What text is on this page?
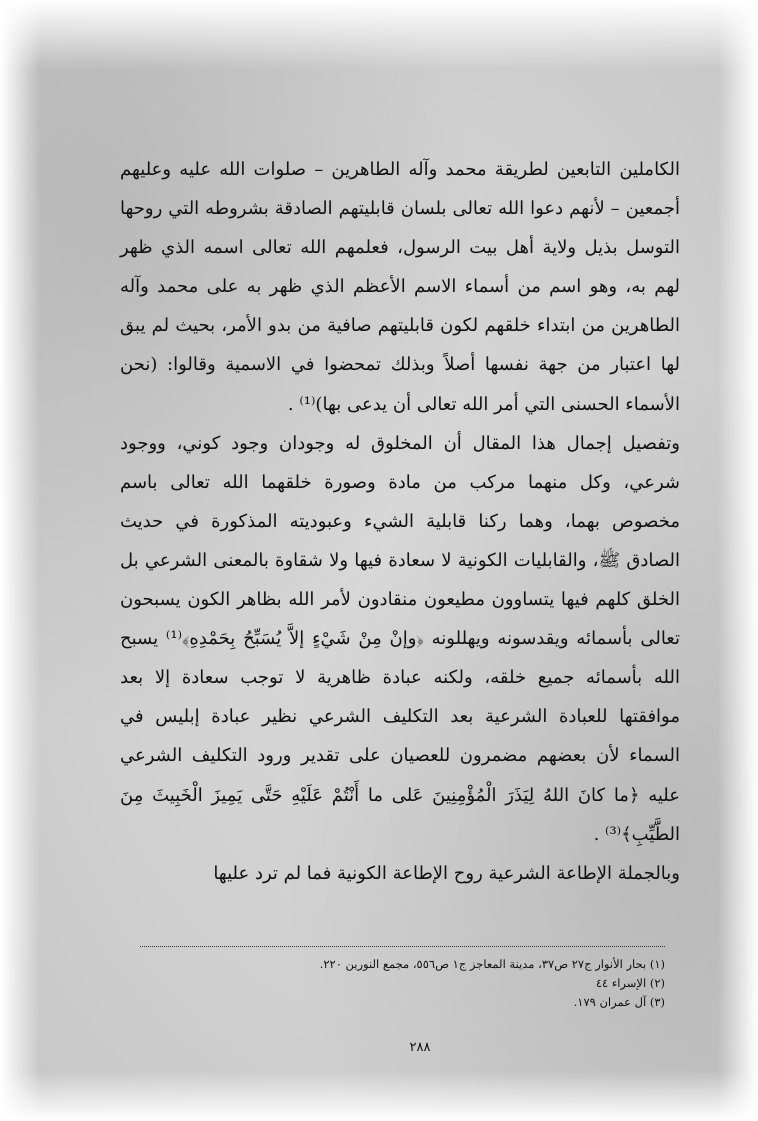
الكاملين التابعين لطريقة محمد وآله الطاهرين – صلوات الله عليه وعليهم أجمعين – لأنهم دعوا الله تعالى بلسان قابليتهم الصادقة بشروطه التي روحها التوسل بذيل ولاية أهل بيت الرسول، فعلمهم الله تعالى اسمه الذي ظهر لهم به، وهو اسم من أسماء الاسم الأعظم الذي ظهر به على محمد وآله الطاهرين من ابتداء خلقهم لكون قابليتهم صافية من بدو الأمر، بحيث لم يبق لها اعتبار من جهة نفسها أصلاً وبذلك تمحضوا في الاسمية وقالوا: (نحن الأسماء الحسنى التي أمر الله تعالى أن يدعى بها)⁽¹⁾ .

وتفصيل إجمال هذا المقال أن المخلوق له وجودان وجود كوني، ووجود شرعي، وكل منهما مركب من مادة وصورة خلقهما الله تعالى باسم مخصوص بهما، وهما ركنا قابلية الشيء وعبوديته المذكورة في حديث الصادق ﷺ، والقابليات الكونية لا سعادة فيها ولا شقاوة بالمعنى الشرعي بل الخلق كلهم فيها يتساوون مطيعون منقادون لأمر الله بظاهر الكون يسبحون تعالى بأسمائه ويقدسونه ويهللونه ﴿وإنْ مِنْ شَيْءٍ إلاَّ يُسَبِّحُ بِحَمْدِهِ﴾⁽¹⁾ يسبح الله بأسمائه جميع خلقه، ولكنه عبادة ظاهرية لا توجب سعادة إلا بعد موافقتها للعبادة الشرعية بعد التكليف الشرعي نظير عبادة إبليس في السماء لأن بعضهم مضمرون للعصيان على تقدير ورود التكليف الشرعي عليه ﴿ما كانَ اللهُ لِيَذَرَ الْمُؤْمِنِينَ عَلى ما أَنْتُمْ عَلَيْهِ حَتَّى يَمِيزَ الْخَبِيثَ مِنَ الطَّيِّبِ﴾⁽³⁾ .

وبالجملة الإطاعة الشرعية روح الإطاعة الكونية فما لم ترد عليها

(١) بحار الأنوار ج٢٧ ص٣٧، مدينة المعاجز ج١ ص٥٥٦، مجمع النورين ٢٢٠.

(٢) الإسراء ٤٤

(٣) آل عمران ١٧٩.

٢٨٨
